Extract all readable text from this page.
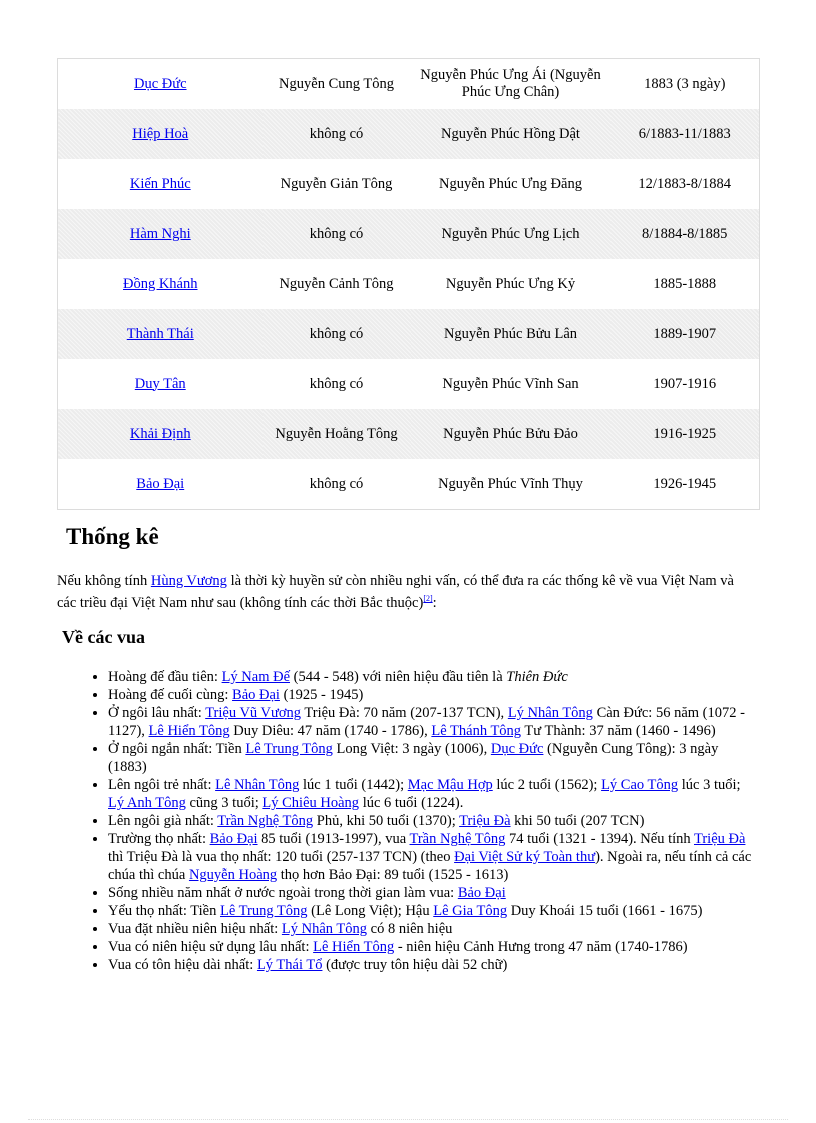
Dục Đức	Nguyễn Cung Tông	Nguyễn Phúc Ưng Ái (Nguyễn Phúc Ưng Chân)	1883 (3 ngày)
Hiệp Hoà	không có	Nguyễn Phúc Hồng Dật	6/1883-11/1883
Kiến Phúc	Nguyễn Giản Tông	Nguyễn Phúc Ưng Đăng	12/1883-8/1884
Hàm Nghi	không có	Nguyễn Phúc Ưng Lịch	8/1884-8/1885
Đồng Khánh	Nguyễn Cảnh Tông	Nguyễn Phúc Ưng Kỷ	1885-1888
Thành Thái	không có	Nguyễn Phúc Bửu Lân	1889-1907
Duy Tân	không có	Nguyễn Phúc Vĩnh San	1907-1916
Khải Định	Nguyễn Hoằng Tông	Nguyễn Phúc Bửu Đảo	1916-1925
Bảo Đại	không có	Nguyễn Phúc Vĩnh Thụy	1926-1945
Thống kê

Nếu không tính Hùng Vương là thời kỳ huyền sử còn nhiều nghi vấn, có thể đưa ra các thống kê về vua Việt Nam và các triều đại Việt Nam như sau (không tính các thời Bắc thuộc)[2]:

Về các vua
• Hoàng đế đầu tiên: Lý Nam Đế (544 - 548) với niên hiệu đầu tiên là Thiên Đức
• Hoàng đế cuối cùng: Bảo Đại (1925 - 1945)
• Ở ngôi lâu nhất: Triệu Vũ Vương Triệu Đà: 70 năm (207-137 TCN), Lý Nhân Tông Càn Đức: 56 năm (1072 - 1127), Lê Hiển Tông Duy Diêu: 47 năm (1740 - 1786), Lê Thánh Tông Tư Thành: 37 năm (1460 - 1496)
• Ở ngôi ngắn nhất: Tiền Lê Trung Tông Long Việt: 3 ngày (1006), Dục Đức (Nguyễn Cung Tông): 3 ngày (1883)
• Lên ngôi trẻ nhất: Lê Nhân Tông lúc 1 tuổi (1442); Mạc Mậu Hợp lúc 2 tuổi (1562); Lý Cao Tông lúc 3 tuổi; Lý Anh Tông cũng 3 tuổi; Lý Chiêu Hoàng lúc 6 tuổi (1224).
• Lên ngôi già nhất: Trần Nghệ Tông Phủ, khi 50 tuổi (1370); Triệu Đà khi 50 tuổi (207 TCN)
• Trường thọ nhất: Bảo Đại 85 tuổi (1913-1997), vua Trần Nghệ Tông 74 tuổi (1321 - 1394). Nếu tính Triệu Đà thì Triệu Đà là vua thọ nhất: 120 tuổi (257-137 TCN) (theo Đại Việt Sử ký Toàn thư). Ngoài ra, nếu tính cả các chúa thì chúa Nguyễn Hoàng thọ hơn Bảo Đại: 89 tuổi (1525 - 1613)
• Sống nhiều năm nhất ở nước ngoài trong thời gian làm vua: Bảo Đại
• Yểu thọ nhất: Tiền Lê Trung Tông (Lê Long Việt); Hậu Lê Gia Tông Duy Khoái 15 tuổi (1661 - 1675)
• Vua đặt nhiều niên hiệu nhất: Lý Nhân Tông có 8 niên hiệu
• Vua có niên hiệu sử dụng lâu nhất: Lê Hiển Tông - niên hiệu Cảnh Hưng trong 47 năm (1740-1786)
• Vua có tôn hiệu dài nhất: Lý Thái Tổ (được truy tôn hiệu dài 52 chữ)
